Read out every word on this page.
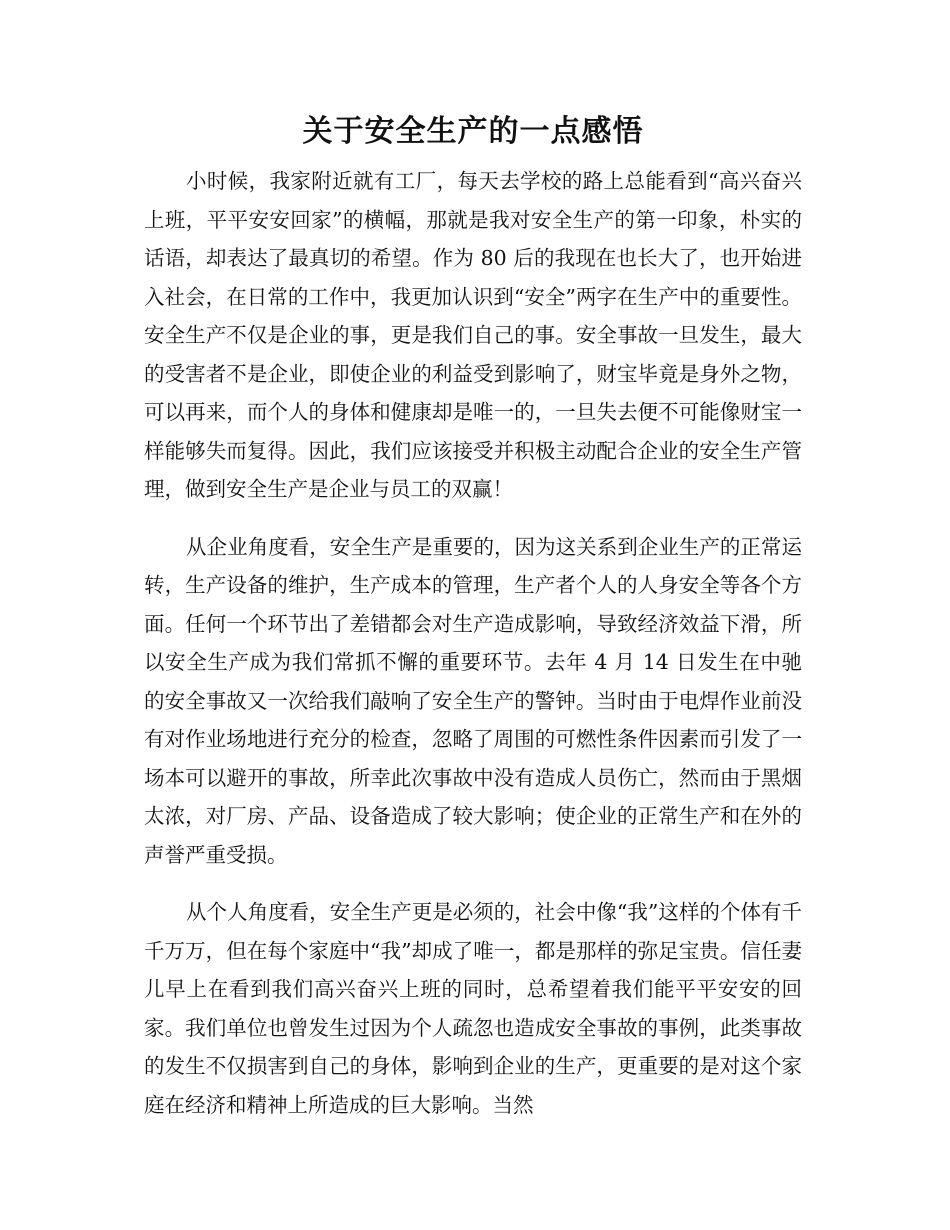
关于安全生产的一点感悟

小时候，我家附近就有工厂，每天去学校的路上总能看到“高兴奋兴上班，平平安安回家”的横幅，那就是我对安全生产的第一印象，朴实的话语，却表达了最真切的希望。作为 80 后的我现在也长大了，也开始进入社会，在日常的工作中，我更加认识到“安全”两字在生产中的重要性。安全生产不仅是企业的事，更是我们自己的事。安全事故一旦发生，最大的受害者不是企业，即使企业的利益受到影响了，财宝毕竟是身外之物，可以再来，而个人的身体和健康却是唯一的，一旦失去便不可能像财宝一样能够失而复得。因此，我们应该接受并积极主动配合企业的安全生产管理，做到安全生产是企业与员工的双赢！

从企业角度看，安全生产是重要的，因为这关系到企业生产的正常运转，生产设备的维护，生产成本的管理，生产者个人的人身安全等各个方面。任何一个环节出了差错都会对生产造成影响，导致经济效益下滑，所以安全生产成为我们常抓不懈的重要环节。去年 4 月 14 日发生在中驰的安全事故又一次给我们敲响了安全生产的警钟。当时由于电焊作业前没有对作业场地进行充分的检查，忽略了周围的可燃性条件因素而引发了一场本可以避开的事故，所幸此次事故中没有造成人员伤亡，然而由于黑烟太浓，对厂房、产品、设备造成了较大影响；使企业的正常生产和在外的声誉严重受损。

从个人角度看，安全生产更是必须的，社会中像“我”这样的个体有千千万万，但在每个家庭中“我”却成了唯一，都是那样的弥足宝贵。信任妻儿早上在看到我们高兴奋兴上班的同时，总希望着我们能平平安安的回家。我们单位也曾发生过因为个人疏忽也造成安全事故的事例，此类事故的发生不仅损害到自己的身体，影响到企业的生产，更重要的是对这个家庭在经济和精神上所造成的巨大影响。当然
